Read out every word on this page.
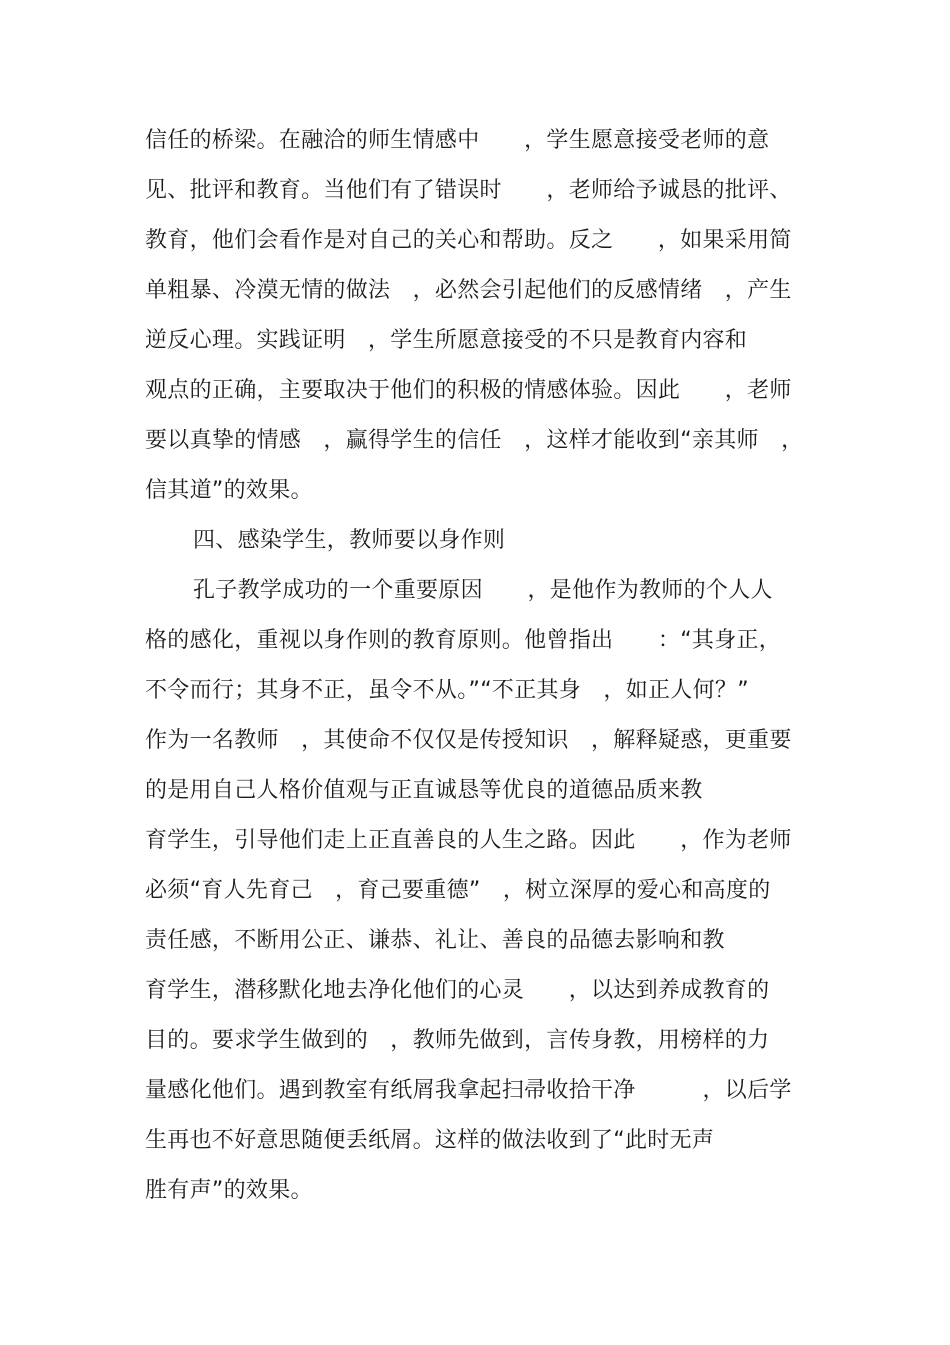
信任的桥梁。在融洽的师生情感中　　，学生愿意接受老师的意
见、批评和教育。当他们有了错误时　　，老师给予诚恳的批评、
教育，他们会看作是对自己的关心和帮助。反之　　，如果采用简
单粗暴、冷漠无情的做法　，必然会引起他们的反感情绪　，产生
逆反心理。实践证明　，学生所愿意接受的不只是教育内容和
观点的正确，主要取决于他们的积极的情感体验。因此　　，老师
要以真挚的情感　，赢得学生的信任　，这样才能收到“亲其师　，
信其道”的效果。
四、感染学生，教师要以身作则
孔子教学成功的一个重要原因　　，是他作为教师的个人人
格的感化，重视以身作则的教育原则。他曾指出　　：“其身正，
不令而行；其身不正，虽令不从。”“不正其身　，如正人何？”
作为一名教师　，其使命不仅仅是传授知识　，解释疑惑，更重要
的是用自己人格价值观与正直诚恳等优良的道德品质来教
育学生，引导他们走上正直善良的人生之路。因此　　，作为老师
必须“育人先育己　，育己要重德”　，树立深厚的爱心和高度的
责任感，不断用公正、谦恭、礼让、善良的品德去影响和教
育学生，潜移默化地去净化他们的心灵　　，以达到养成教育的
目的。要求学生做到的　，教师先做到，言传身教，用榜样的力
量感化他们。遇到教室有纸屑我拿起扫帚收拾干净　　　，以后学
生再也不好意思随便丢纸屑。这样的做法收到了“此时无声
胜有声”的效果。
